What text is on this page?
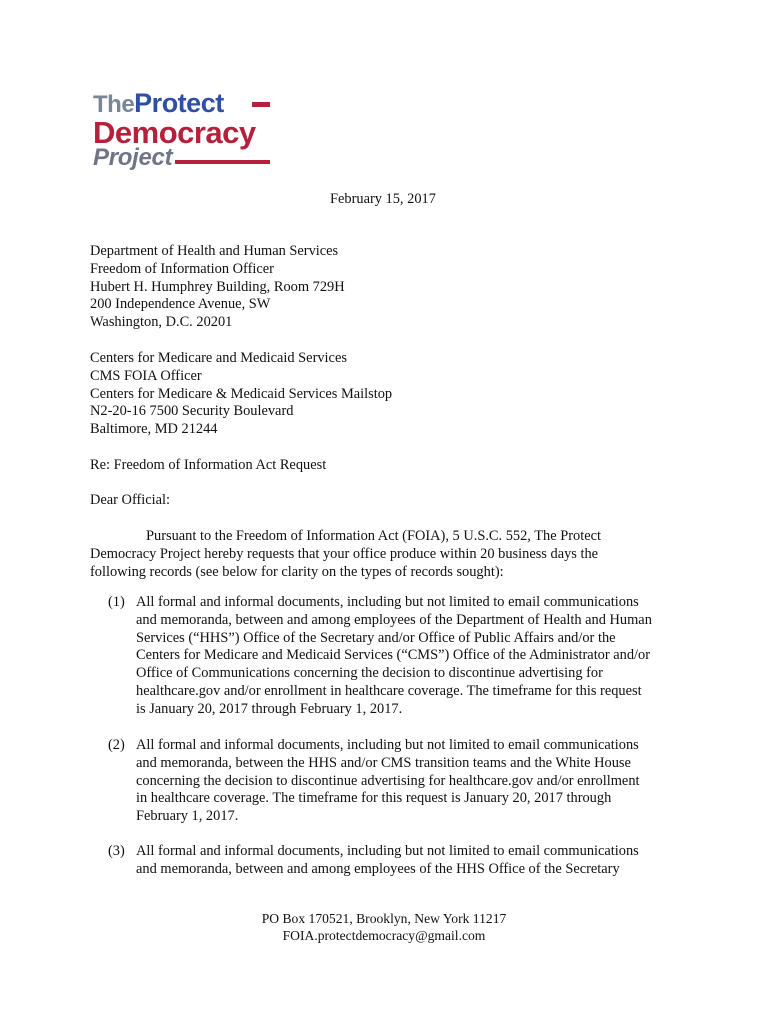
TheProtect
Democracy
Project
February 15, 2017
Department of Health and Human Services
Freedom of Information Officer
Hubert H. Humphrey Building, Room 729H
200 Independence Avenue, SW
Washington, D.C. 20201
Centers for Medicare and Medicaid Services
CMS FOIA Officer
Centers for Medicare & Medicaid Services Mailstop
N2-20-16 7500 Security Boulevard
Baltimore, MD 21244
Re: Freedom of Information Act Request
Dear Official:
Pursuant to the Freedom of Information Act (FOIA), 5 U.S.C. 552, The Protect
Democracy Project hereby requests that your office produce within 20 business days the
following records (see below for clarity on the types of records sought):
(1) All formal and informal documents, including but not limited to email communications
and memoranda, between and among employees of the Department of Health and Human
Services (“HHS”) Office of the Secretary and/or Office of Public Affairs and/or the
Centers for Medicare and Medicaid Services (“CMS”) Office of the Administrator and/or
Office of Communications concerning the decision to discontinue advertising for
healthcare.gov and/or enrollment in healthcare coverage. The timeframe for this request
is January 20, 2017 through February 1, 2017.
(2) All formal and informal documents, including but not limited to email communications
and memoranda, between the HHS and/or CMS transition teams and the White House
concerning the decision to discontinue advertising for healthcare.gov and/or enrollment
in healthcare coverage. The timeframe for this request is January 20, 2017 through
February 1, 2017.
(3) All formal and informal documents, including but not limited to email communications
and memoranda, between and among employees of the HHS Office of the Secretary
PO Box 170521, Brooklyn, New York 11217
FOIA.protectdemocracy@gmail.com
